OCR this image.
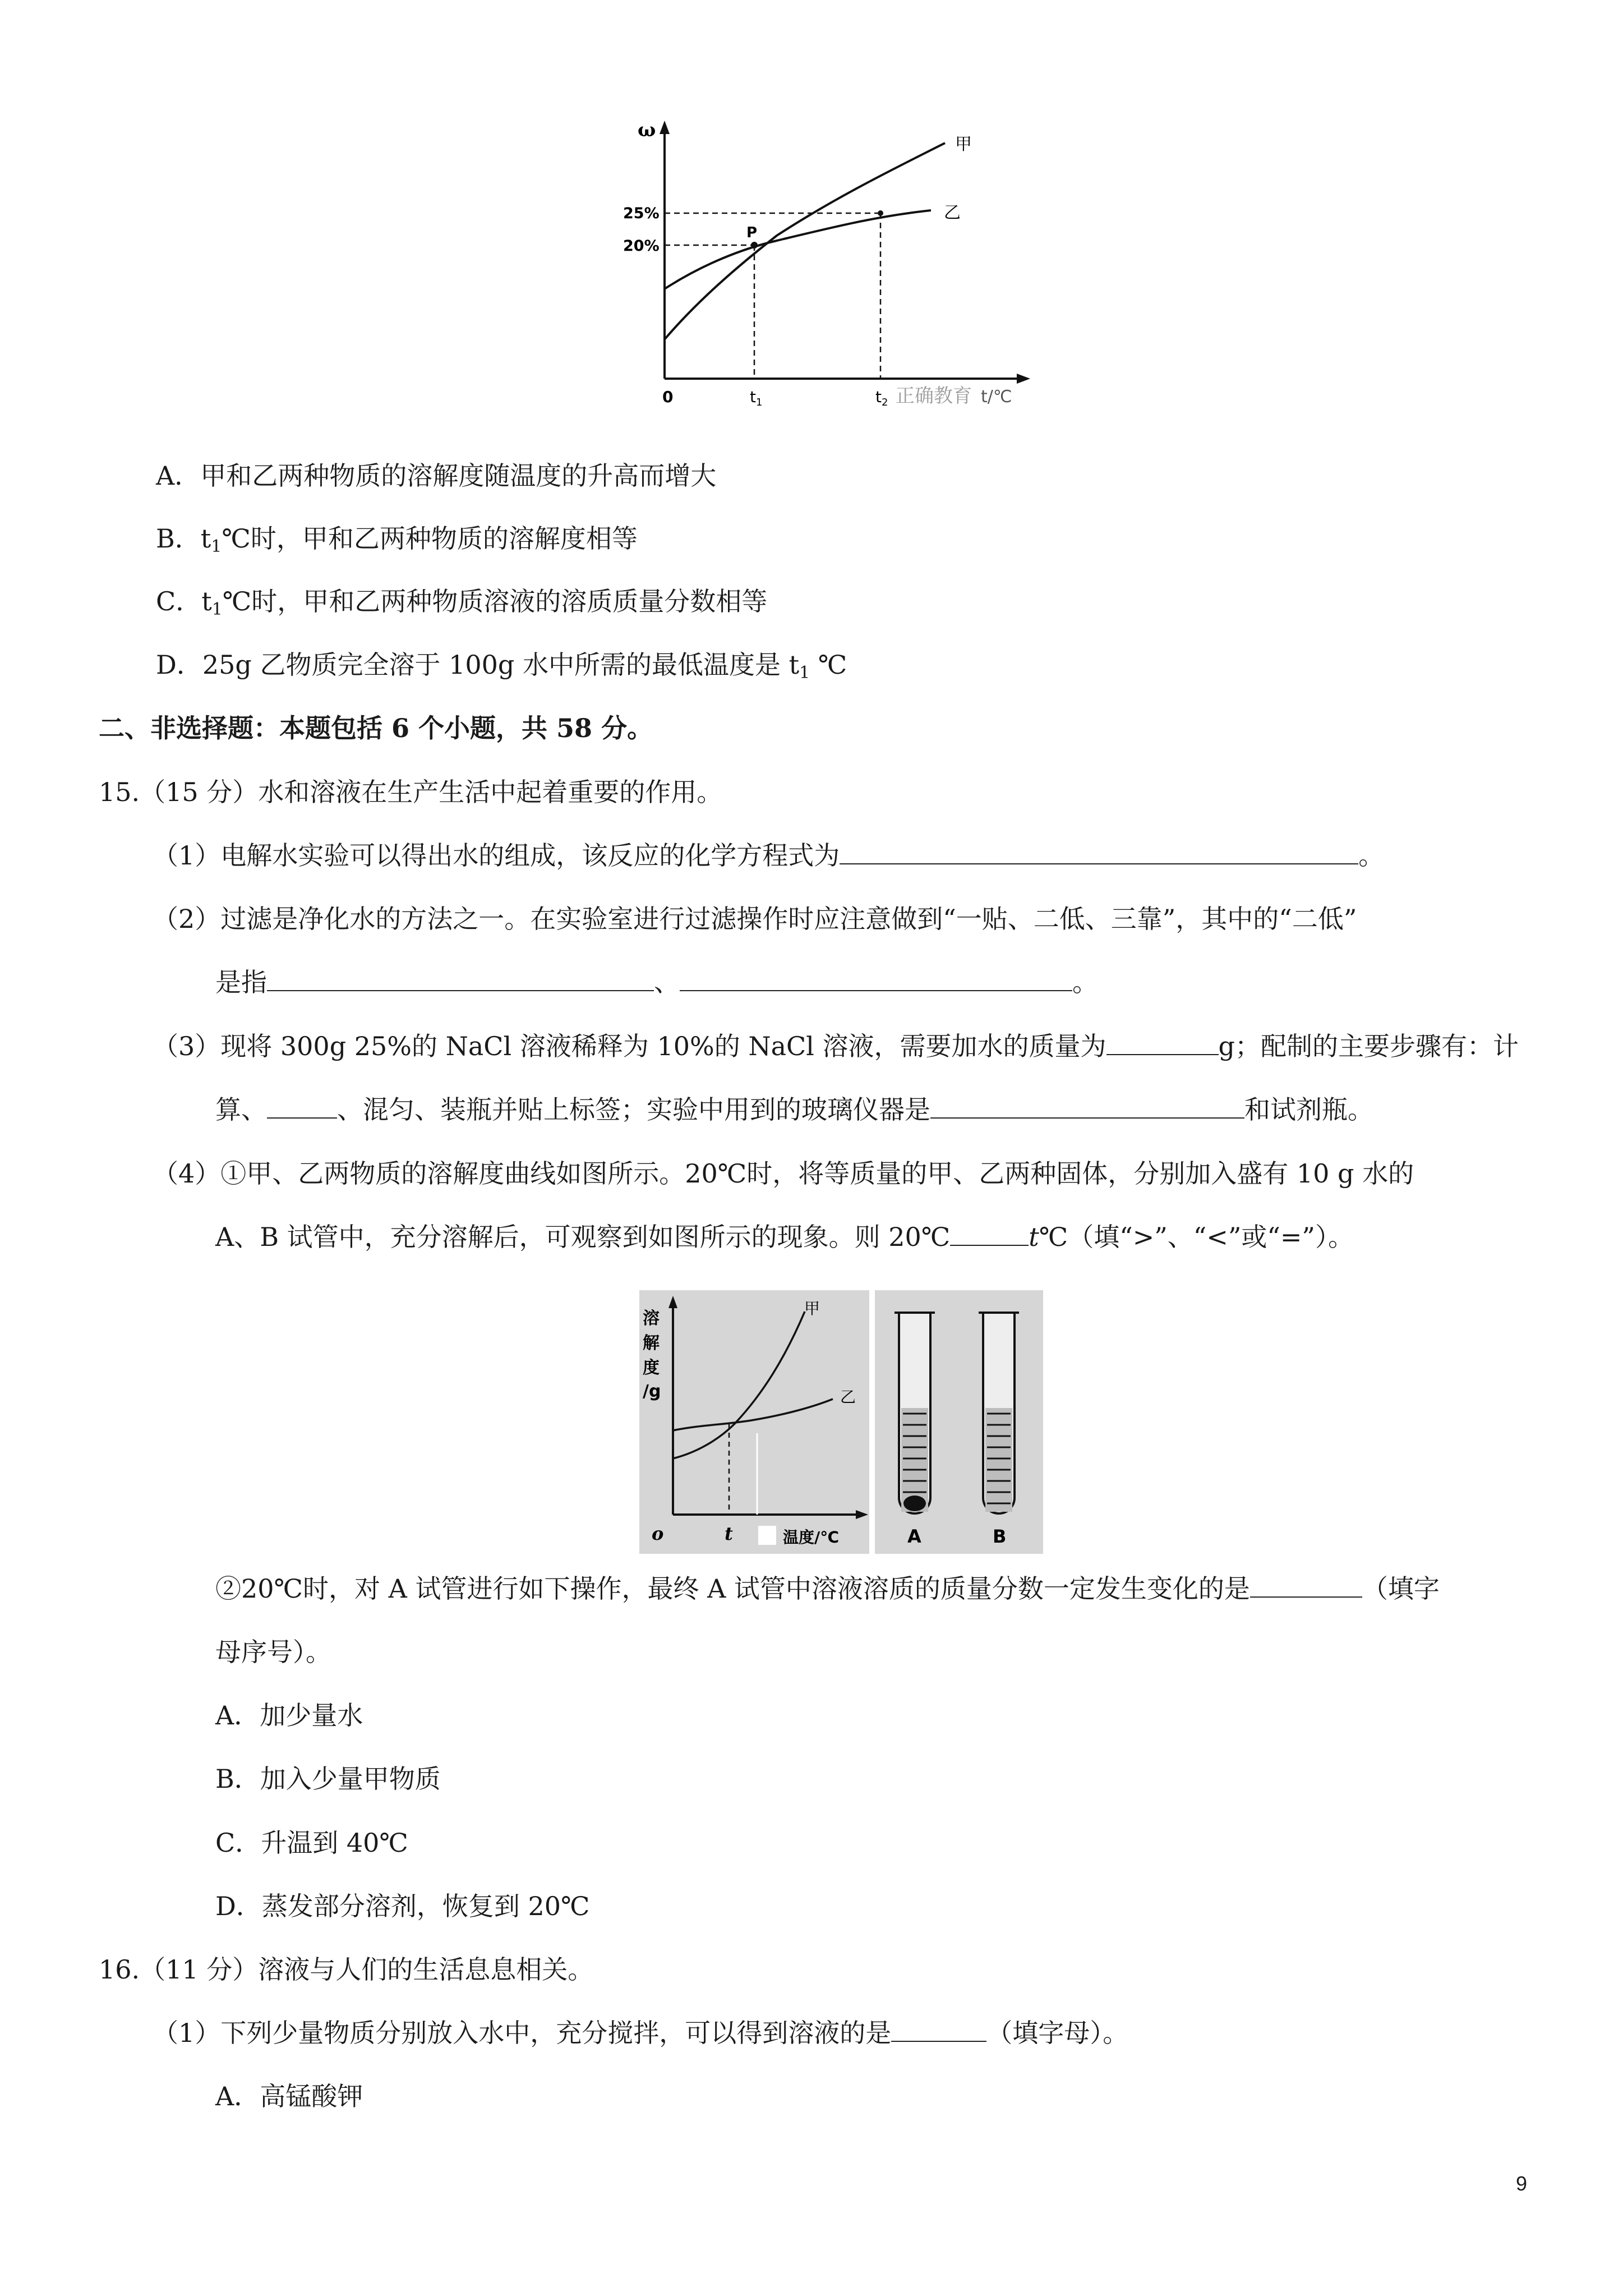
ω
25%
20%
P
甲
乙
0	$t_1$	$t_2$ 正确教育 t/℃
A．甲和乙两种物质的溶解度随温度的升高而增大
B．$t_1℃$时，甲和乙两种物质的溶解度相等
C．$t_1℃$时，甲和乙两种物质溶液的溶质质量分数相等
D．25g 乙物质完全溶于 100g 水中所需的最低温度是 $t_1$ ℃
二、非选择题：本题包括 6 个小题，共 58 分。
15.（15 分）水和溶液在生产生活中起着重要的作用。
（1）电解水实验可以得出水的组成，该反应的化学方程式为	。
（2）过滤是净化水的方法之一。在实验室进行过滤操作时应注意做到“一贴、二低、三靠”，其中的“二低”
是指	、	。
（3）现将 300g 25%的 NaCl 溶液稀释为 10%的 NaCl 溶液，需要加水的质量为	g；配制的主要步骤有：计
算、	、混匀、装瓶并贴上标签；实验中用到的玻璃仪器是	和试剂瓶。
（4）①甲、乙两物质的溶解度曲线如图所示。20℃时，将等质量的甲、乙两种固体，分别加入盛有 10 g 水的
A、B 试管中，充分溶解后，可观察到如图所示的现象。则 20℃	t℃（填“>”、“<”或“=”）。
溶
解
度
/g
甲
乙
o	t	温度/℃	A	B
②20℃时，对 A 试管进行如下操作，最终 A 试管中溶液溶质的质量分数一定发生变化的是	（填字
母序号）。
A．加少量水
B．加入少量甲物质
C．升温到 40℃
D．蒸发部分溶剂，恢复到 20℃
16.（11 分）溶液与人们的生活息息相关。
（1）下列少量物质分别放入水中，充分搅拌，可以得到溶液的是	（填字母）。
A．高锰酸钾
9
